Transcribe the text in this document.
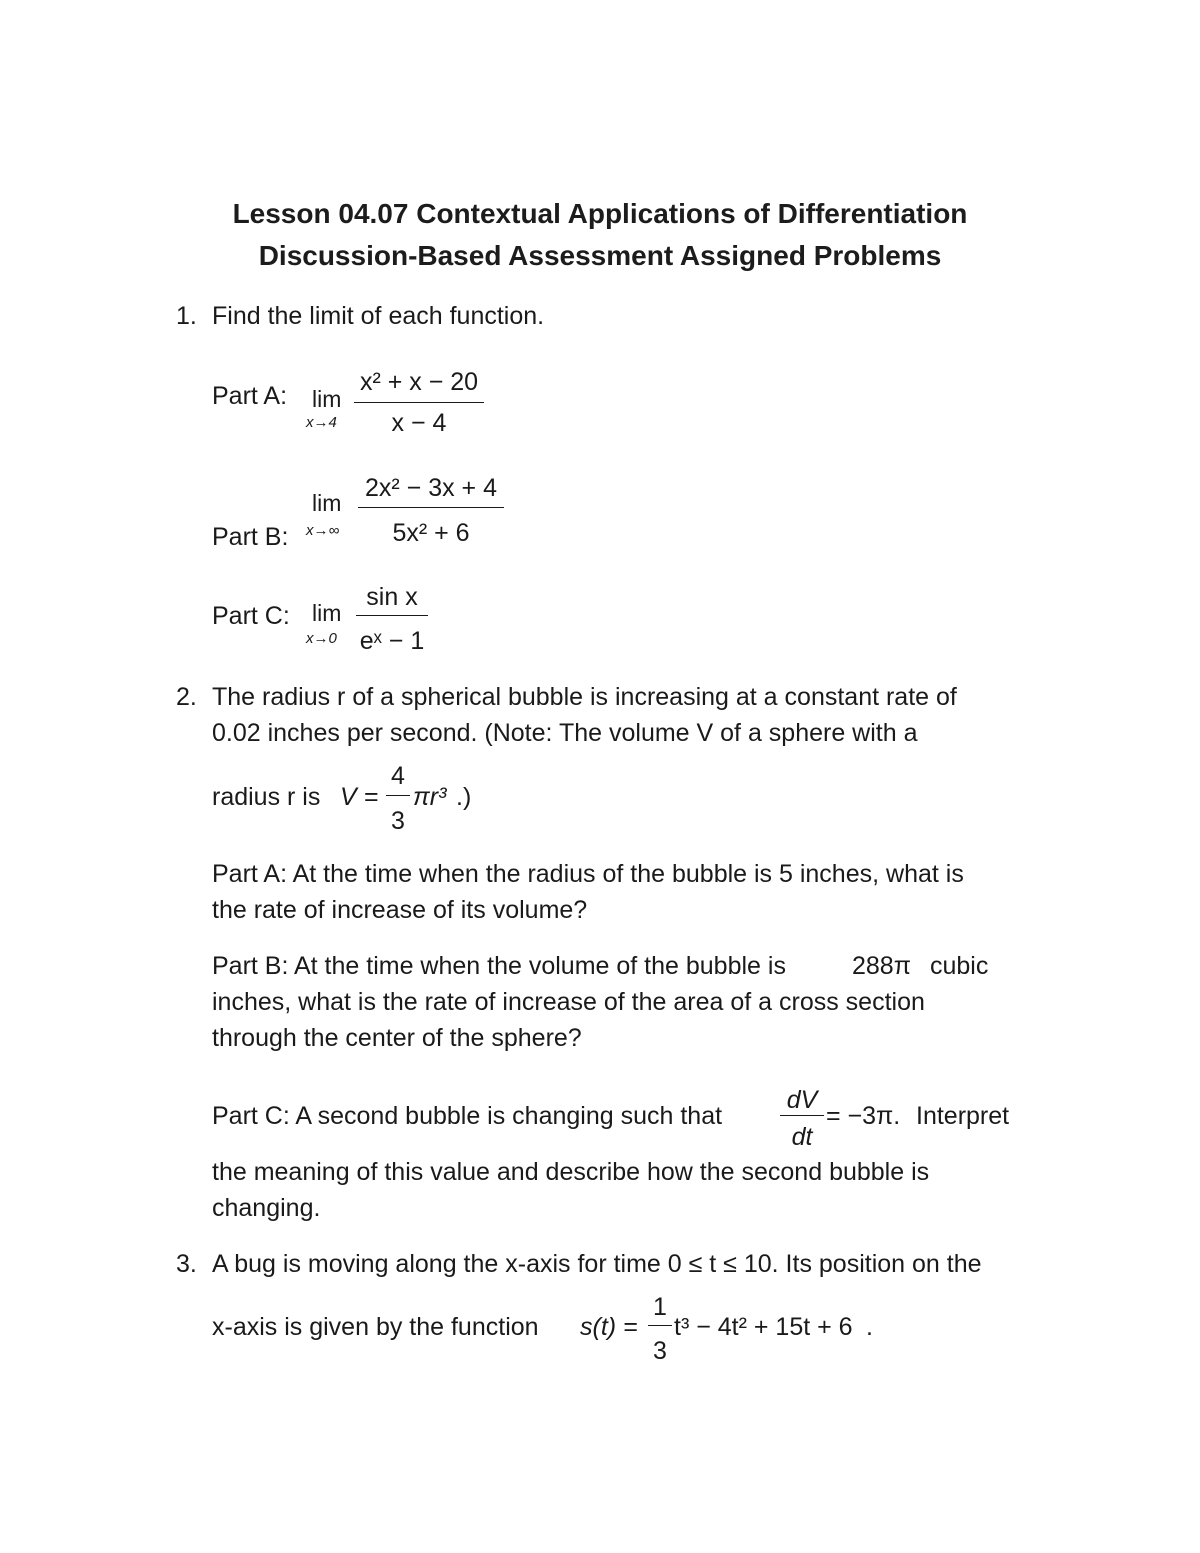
Lesson 04.07 Contextual Applications of Differentiation
Discussion-Based Assessment Assigned Problems
1. Find the limit of each function.
Part A: lim
x→4
x² + x − 20
x − 4
Part B:
lim
x→∞
2x² − 3x + 4
5x² + 6
Part C: lim
x→0
sin x
eˣ − 1
2. The radius r of a spherical bubble is increasing at a constant rate of
0.02 inches per second. (Note: The volume V of a sphere with a
radius r is V =
4
3
πr³ .)
Part A: At the time when the radius of the bubble is 5 inches, what is
the rate of increase of its volume?
Part B: At the time when the volume of the bubble is	288π cubic
inches, what is the rate of increase of the area of a cross section
through the center of the sphere?
Part C: A second bubble is changing such that
dV
dt
= −3π. Interpret
the meaning of this value and describe how the second bubble is
changing.
3. A bug is moving along the x-axis for time 0 ≤ t ≤ 10. Its position on the
x-axis is given by the function s(t) =
1
3
t³ − 4t² + 15t + 6 .
